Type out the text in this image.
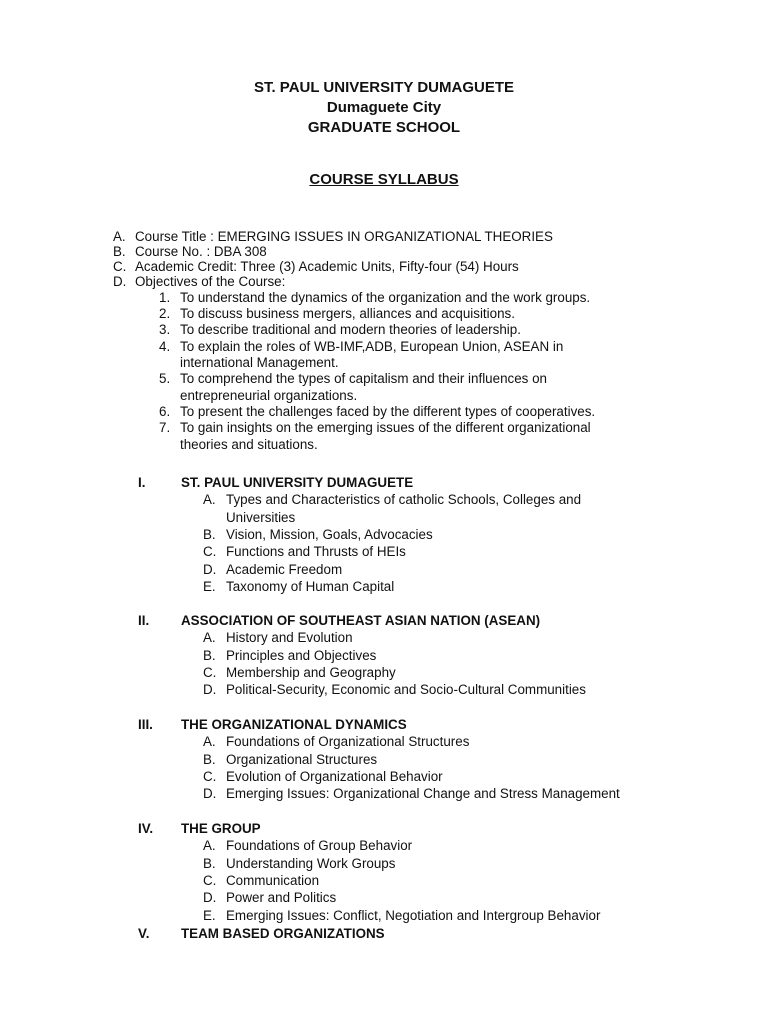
ST. PAUL UNIVERSITY DUMAGUETE
Dumaguete City
GRADUATE SCHOOL
COURSE SYLLABUS
A. Course Title : EMERGING ISSUES IN ORGANIZATIONAL THEORIES
B. Course No. : DBA 308
C. Academic Credit: Three (3) Academic Units, Fifty-four (54) Hours
D. Objectives of the Course:
1. To understand the dynamics of the organization and the work groups.
2. To discuss business mergers, alliances and acquisitions.
3. To describe traditional and modern theories of leadership.
4. To explain the roles of WB-IMF,ADB, European Union, ASEAN in
international Management.
5. To comprehend the types of capitalism and their influences on
entrepreneurial organizations.
6. To present the challenges faced by the different types of cooperatives.
7. To gain insights on the emerging issues of the different organizational
theories and situations.
I.	ST. PAUL UNIVERSITY DUMAGUETE
A. Types and Characteristics of catholic Schools, Colleges and
Universities
B. Vision, Mission, Goals, Advocacies
C. Functions and Thrusts of HEIs
D. Academic Freedom
E. Taxonomy of Human Capital
II. ASSOCIATION OF SOUTHEAST ASIAN NATION (ASEAN)
A. History and Evolution
B. Principles and Objectives
C. Membership and Geography
D. Political-Security, Economic and Socio-Cultural Communities
III. THE ORGANIZATIONAL DYNAMICS
A. Foundations of Organizational Structures
B. Organizational Structures
C. Evolution of Organizational Behavior
D. Emerging Issues: Organizational Change and Stress Management
IV. THE GROUP
A. Foundations of Group Behavior
B. Understanding Work Groups
C. Communication
D. Power and Politics
E. Emerging Issues: Conflict, Negotiation and Intergroup Behavior
V. TEAM BASED ORGANIZATIONS
